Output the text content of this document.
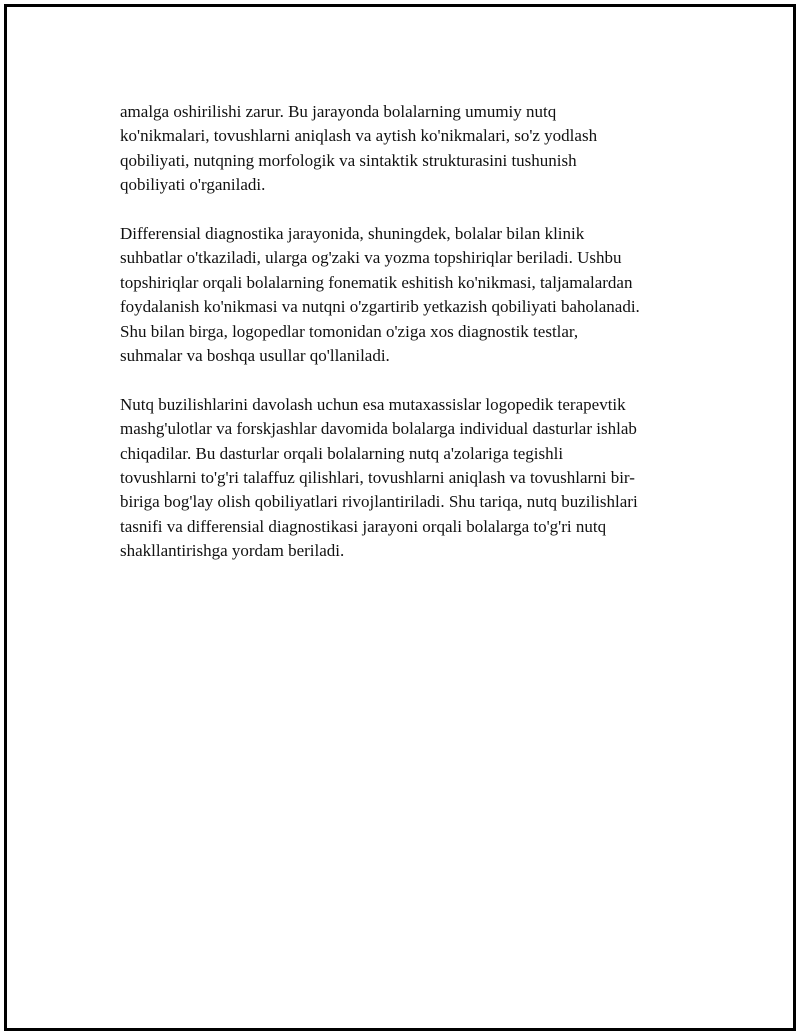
amalga oshirilishi zarur. Bu jarayonda bolalarning umumiy nutq
ko'nikmalari, tovushlarni aniqlash va aytish ko'nikmalari, so'z yodlash
qobiliyati, nutqning morfologik va sintaktik strukturasini tushunish
qobiliyati o'rganiladi.

Differensial diagnostika jarayonida, shuningdek, bolalar bilan klinik
suhbatlar o'tkaziladi, ularga og'zaki va yozma topshiriqlar beriladi. Ushbu
topshiriqlar orqali bolalarning fonematik eshitish ko'nikmasi, taljamalardan
foydalanish ko'nikmasi va nutqni o'zgartirib yetkazish qobiliyati baholanadi.
Shu bilan birga, logopedlar tomonidan o'ziga xos diagnostik testlar,
suhmalar va boshqa usullar qo'llaniladi.

Nutq buzilishlarini davolash uchun esa mutaxassislar logopedik terapevtik
mashg'ulotlar va forskjashlar davomida bolalarga individual dasturlar ishlab
chiqadilar. Bu dasturlar orqali bolalarning nutq a'zolariga tegishli
tovushlarni to'g'ri talaffuz qilishlari, tovushlarni aniqlash va tovushlarni bir-
biriga bog'lay olish qobiliyatlari rivojlantiriladi. Shu tariqa, nutq buzilishlari
tasnifi va differensial diagnostikasi jarayoni orqali bolalarga to'g'ri nutq
shakllantirishga yordam beriladi.
